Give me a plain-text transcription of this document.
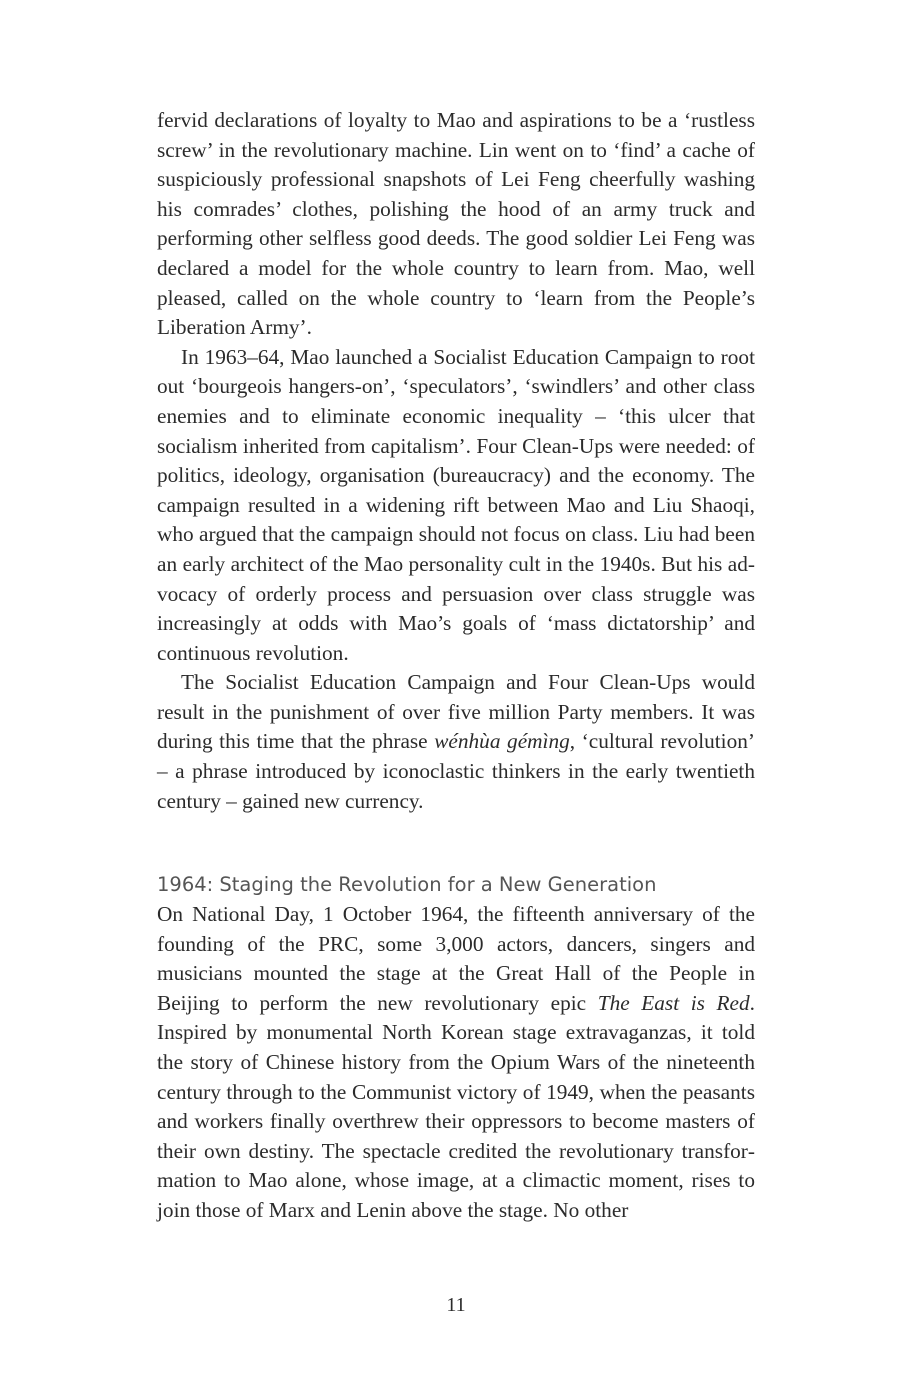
fervid declarations of loyalty to Mao and aspirations to be a ‘rustless screw’ in the revolutionary machine. Lin went on to ‘find’ a cache of suspiciously professional snapshots of Lei Feng cheerfully washing his comrades’ clothes, polishing the hood of an army truck and performing other selfless good deeds. The good soldier Lei Feng was declared a model for the whole country to learn from. Mao, well pleased, called on the whole country to ‘learn from the People’s Liberation Army’.

In 1963–64, Mao launched a Socialist Education Campaign to root out ‘bourgeois hangers-on’, ‘speculators’, ‘swindlers’ and other class enemies and to eliminate economic inequality – ‘this ulcer that socialism inherited from capitalism’. Four Clean-Ups were needed: of politics, ideology, organisation (bureaucracy) and the economy. The campaign resulted in a widening rift between Mao and Liu Shaoqi, who argued that the campaign should not focus on class. Liu had been an early architect of the Mao personality cult in the 1940s. But his advocacy of orderly process and persuasion over class struggle was increasingly at odds with Mao’s goals of ‘mass dictatorship’ and continuous revolution.

The Socialist Education Campaign and Four Clean-Ups would result in the punishment of over five million Party members. It was during this time that the phrase wénhùa gémìng, ‘cultural revolution’ – a phrase introduced by iconoclastic thinkers in the early twentieth century – gained new currency.

1964: Staging the Revolution for a New Generation

On National Day, 1 October 1964, the fifteenth anniversary of the founding of the PRC, some 3,000 actors, dancers, singers and musicians mounted the stage at the Great Hall of the People in Beijing to perform the new revolutionary epic The East is Red. Inspired by monumental North Korean stage extravaganzas, it told the story of Chinese history from the Opium Wars of the nineteenth century through to the Communist victory of 1949, when the peasants and workers finally overthrew their oppressors to become masters of their own destiny. The spectacle credited the revolutionary transformation to Mao alone, whose image, at a climactic moment, rises to join those of Marx and Lenin above the stage. No other

11
